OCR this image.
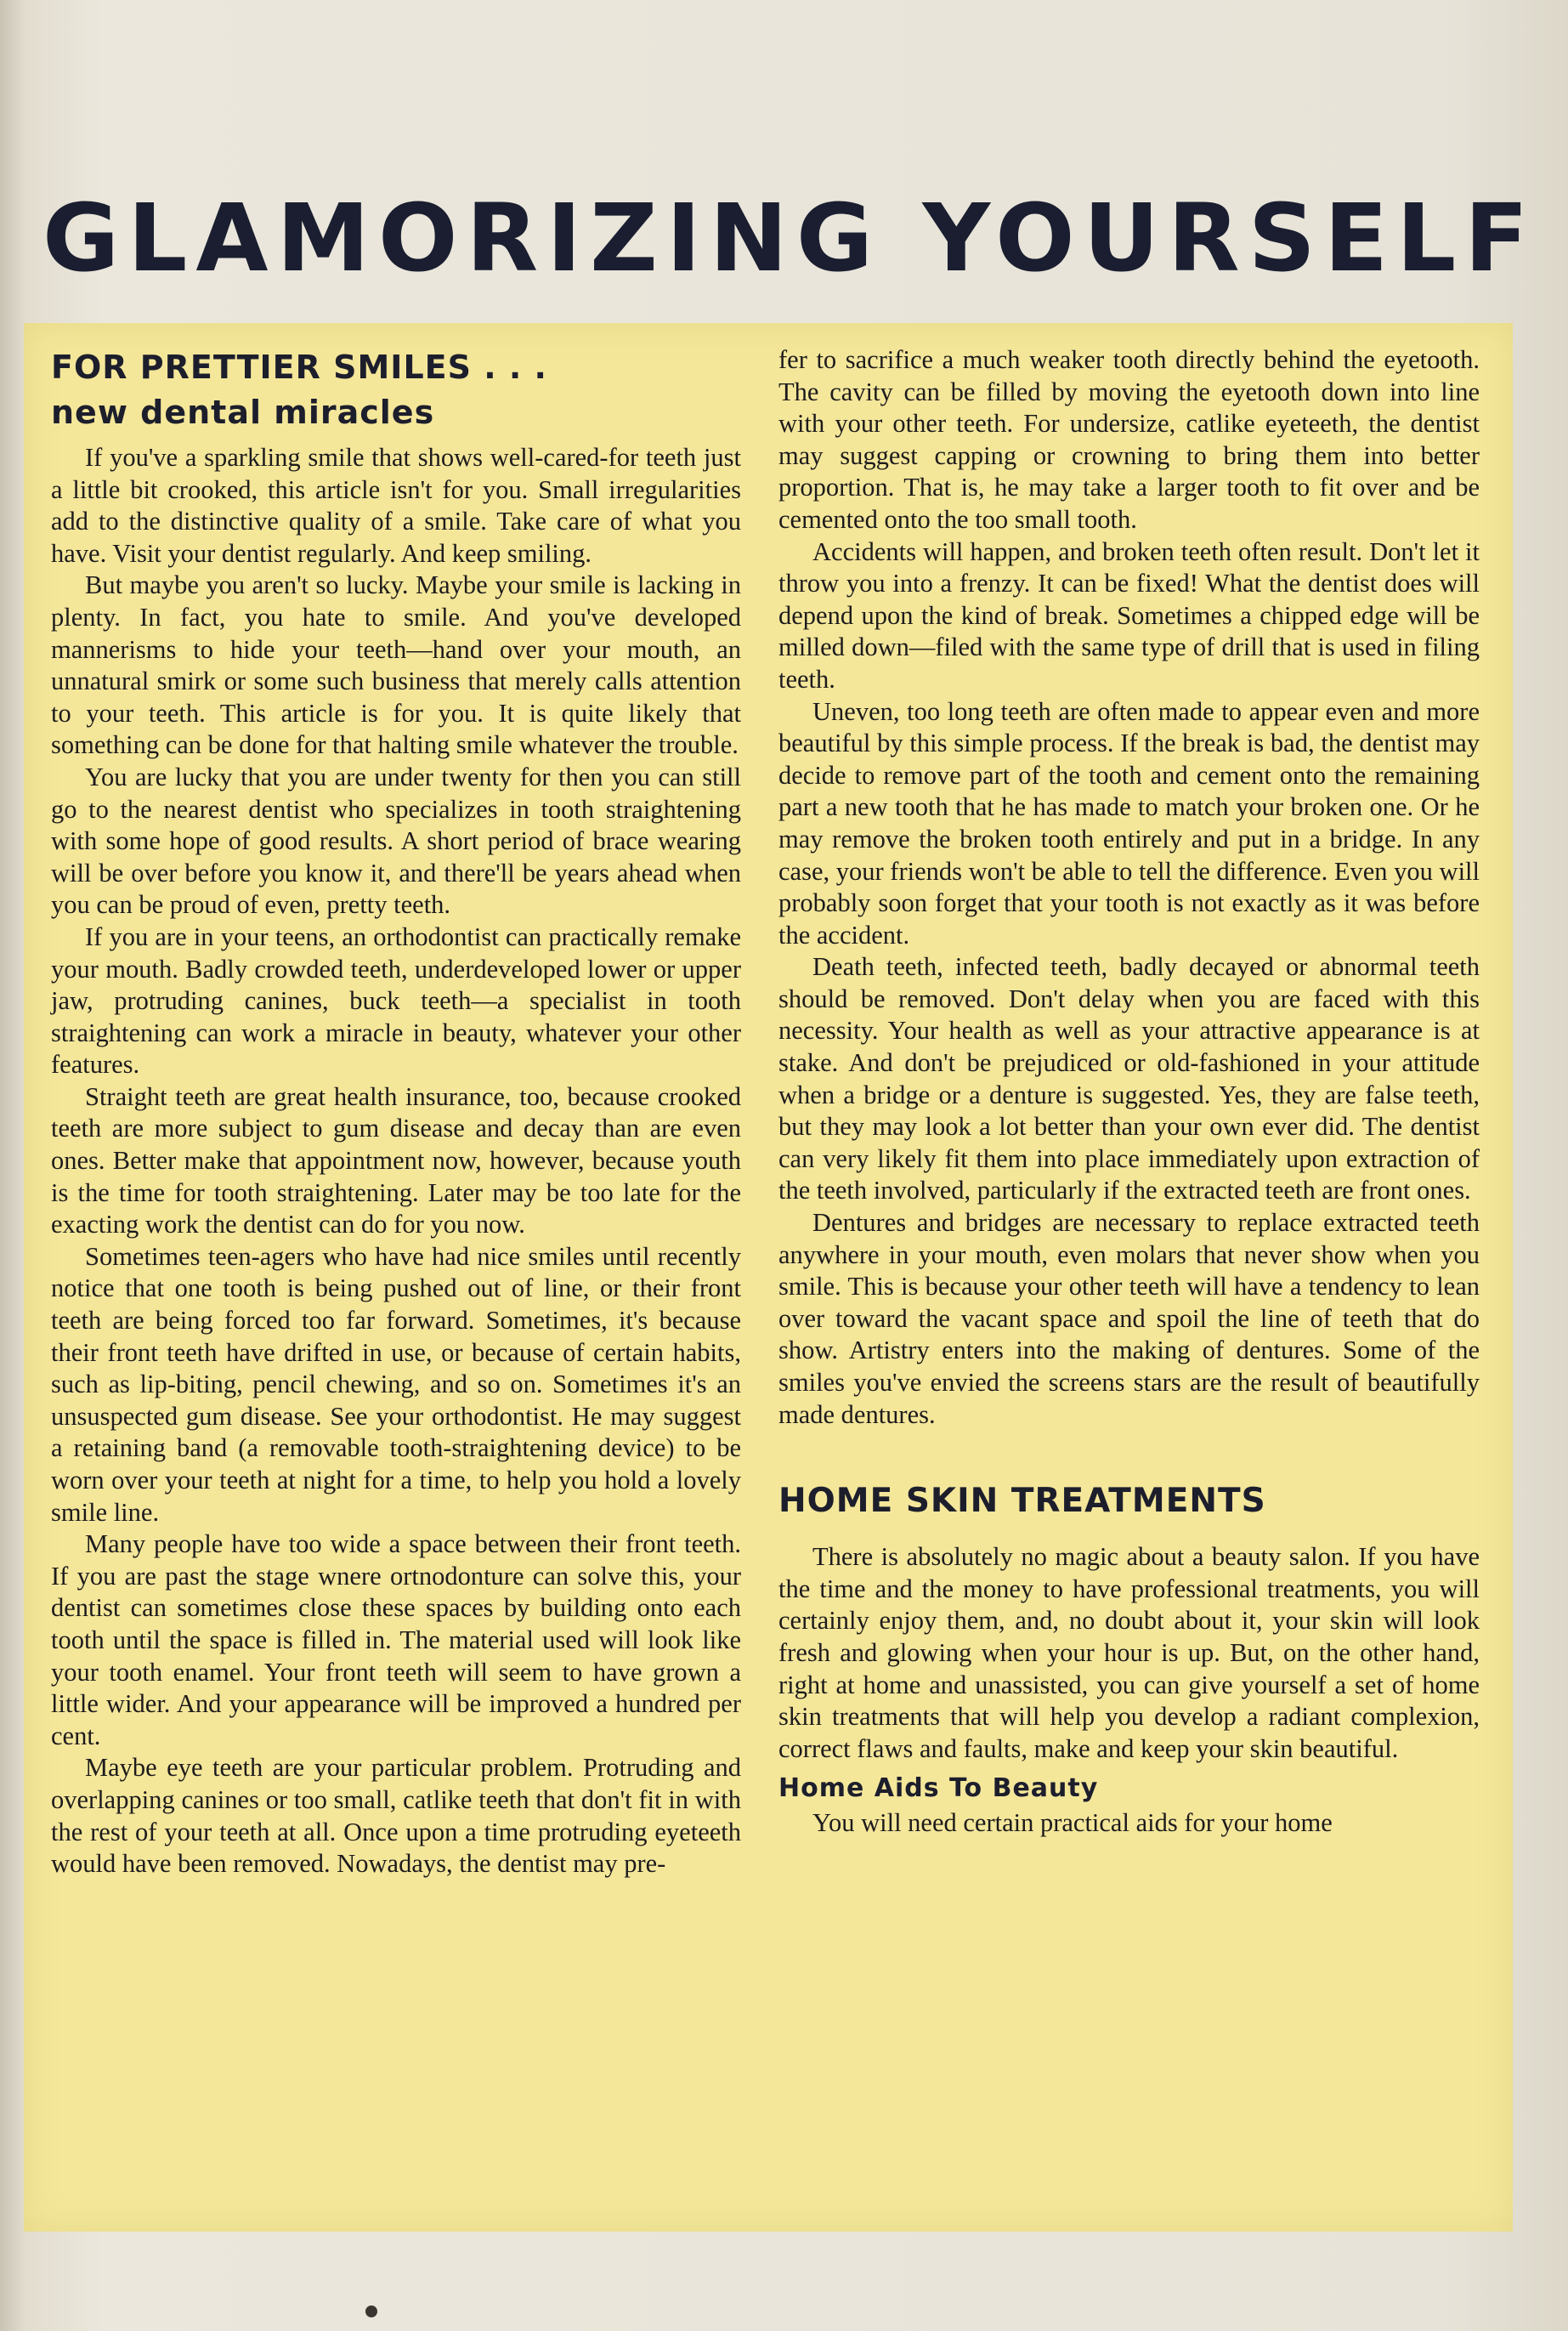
GLAMORIZING YOURSELF
FOR PRETTIER SMILES . . .
new dental miracles

If you've a sparkling smile that shows well-cared-for teeth just a little bit crooked, this article isn't for you. Small irregularities add to the distinctive quality of a smile. Take care of what you have. Visit your dentist regularly. And keep smiling.

But maybe you aren't so lucky. Maybe your smile is lacking in plenty. In fact, you hate to smile. And you've developed mannerisms to hide your teeth—hand over your mouth, an unnatural smirk or some such business that merely calls attention to your teeth. This article is for you. It is quite likely that something can be done for that halting smile whatever the trouble.

You are lucky that you are under twenty for then you can still go to the nearest dentist who specializes in tooth straightening with some hope of good results. A short period of brace wearing will be over before you know it, and there'll be years ahead when you can be proud of even, pretty teeth.

If you are in your teens, an orthodontist can practically remake your mouth. Badly crowded teeth, underdeveloped lower or upper jaw, protruding canines, buck teeth—a specialist in tooth straightening can work a miracle in beauty, whatever your other features.

Straight teeth are great health insurance, too, because crooked teeth are more subject to gum disease and decay than are even ones. Better make that appointment now, however, because youth is the time for tooth straightening. Later may be too late for the exacting work the dentist can do for you now.

Sometimes teen-agers who have had nice smiles until recently notice that one tooth is being pushed out of line, or their front teeth are being forced too far forward. Sometimes, it's because their front teeth have drifted in use, or because of certain habits, such as lip-biting, pencil chewing, and so on. Sometimes it's an unsuspected gum disease. See your orthodontist. He may suggest a retaining band (a removable tooth-straightening device) to be worn over your teeth at night for a time, to help you hold a lovely smile line.

Many people have too wide a space between their front teeth. If you are past the stage wnere ortnodonture can solve this, your dentist can sometimes close these spaces by building onto each tooth until the space is filled in. The material used will look like your tooth enamel. Your front teeth will seem to have grown a little wider. And your appearance will be improved a hundred per cent.

Maybe eye teeth are your particular problem. Protruding and overlapping canines or too small, catlike teeth that don't fit in with the rest of your teeth at all. Once upon a time protruding eyeteeth would have been removed. Nowadays, the dentist may pre-

fer to sacrifice a much weaker tooth directly behind the eyetooth. The cavity can be filled by moving the eyetooth down into line with your other teeth. For undersize, catlike eyeteeth, the dentist may suggest capping or crowning to bring them into better proportion. That is, he may take a larger tooth to fit over and be cemented onto the too small tooth.

Accidents will happen, and broken teeth often result. Don't let it throw you into a frenzy. It can be fixed! What the dentist does will depend upon the kind of break. Sometimes a chipped edge will be milled down—filed with the same type of drill that is used in filing teeth.

Uneven, too long teeth are often made to appear even and more beautiful by this simple process. If the break is bad, the dentist may decide to remove part of the tooth and cement onto the remaining part a new tooth that he has made to match your broken one. Or he may remove the broken tooth entirely and put in a bridge. In any case, your friends won't be able to tell the difference. Even you will probably soon forget that your tooth is not exactly as it was before the accident.

Death teeth, infected teeth, badly decayed or abnormal teeth should be removed. Don't delay when you are faced with this necessity. Your health as well as your attractive appearance is at stake. And don't be prejudiced or old-fashioned in your attitude when a bridge or a denture is suggested. Yes, they are false teeth, but they may look a lot better than your own ever did. The dentist can very likely fit them into place immediately upon extraction of the teeth involved, particularly if the extracted teeth are front ones.

Dentures and bridges are necessary to replace extracted teeth anywhere in your mouth, even molars that never show when you smile. This is because your other teeth will have a tendency to lean over toward the vacant space and spoil the line of teeth that do show. Artistry enters into the making of dentures. Some of the smiles you've envied the screens stars are the result of beautifully made dentures.

HOME SKIN TREATMENTS

There is absolutely no magic about a beauty salon. If you have the time and the money to have professional treatments, you will certainly enjoy them, and, no doubt about it, your skin will look fresh and glowing when your hour is up. But, on the other hand, right at home and unassisted, you can give yourself a set of home skin treatments that will help you develop a radiant complexion, correct flaws and faults, make and keep your skin beautiful.

Home Aids To Beauty

You will need certain practical aids for your home
